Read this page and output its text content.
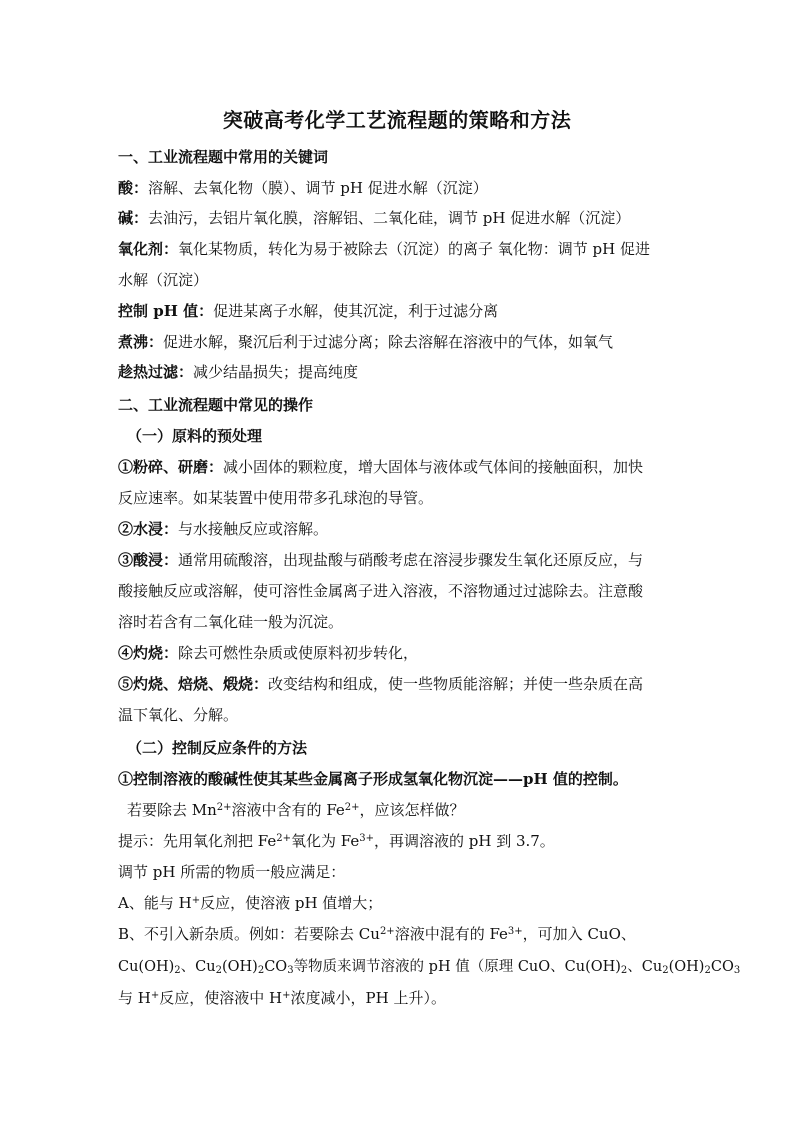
突破高考化学工艺流程题的策略和方法
一、工业流程题中常用的关键词
酸：溶解、去氧化物（膜）、调节 pH 促进水解（沉淀）
碱：去油污，去铝片氧化膜，溶解铝、二氧化硅，调节 pH 促进水解（沉淀）
氧化剂：氧化某物质，转化为易于被除去（沉淀）的离子 氧化物：调节 pH 促进
水解（沉淀）
控制 pH 值：促进某离子水解，使其沉淀，利于过滤分离
煮沸：促进水解，聚沉后利于过滤分离；除去溶解在溶液中的气体，如氧气
趁热过滤：减少结晶损失；提高纯度
二、工业流程题中常见的操作
（一）原料的预处理
①粉碎、研磨：减小固体的颗粒度，增大固体与液体或气体间的接触面积，加快
反应速率。如某装置中使用带多孔球泡的导管。
②水浸：与水接触反应或溶解。
③酸浸：通常用硫酸溶，出现盐酸与硝酸考虑在溶浸步骤发生氧化还原反应，与
酸接触反应或溶解，使可溶性金属离子进入溶液，不溶物通过过滤除去。注意酸
溶时若含有二氧化硅一般为沉淀。
④灼烧：除去可燃性杂质或使原料初步转化，
⑤灼烧、焙烧、煅烧：改变结构和组成，使一些物质能溶解；并使一些杂质在高
温下氧化、分解。
（二）控制反应条件的方法
①控制溶液的酸碱性使其某些金属离子形成氢氧化物沉淀——pH 值的控制。
若要除去 $Mn^{2+}$溶液中含有的 $Fe^{2+}$，应该怎样做？
提示：先用氧化剂把 $Fe^{2+}$氧化为 $Fe^{3+}$，再调溶液的 pH 到 3.7。
调节 pH 所需的物质一般应满足：
A、能与 H+反应，使溶液 pH 值增大；
B、不引入新杂质。例如：若要除去 $Cu^{2+}$溶液中混有的 $Fe^{3+}$，可加入 CuO、
$Cu(OH)_2$、$Cu_2(OH)_2CO_3$等物质来调节溶液的 pH 值（原理 CuO、$Cu(OH)_2$、$Cu_2(OH)_2CO_3$
与 H+反应，使溶液中 H+浓度减小，PH 上升）。
